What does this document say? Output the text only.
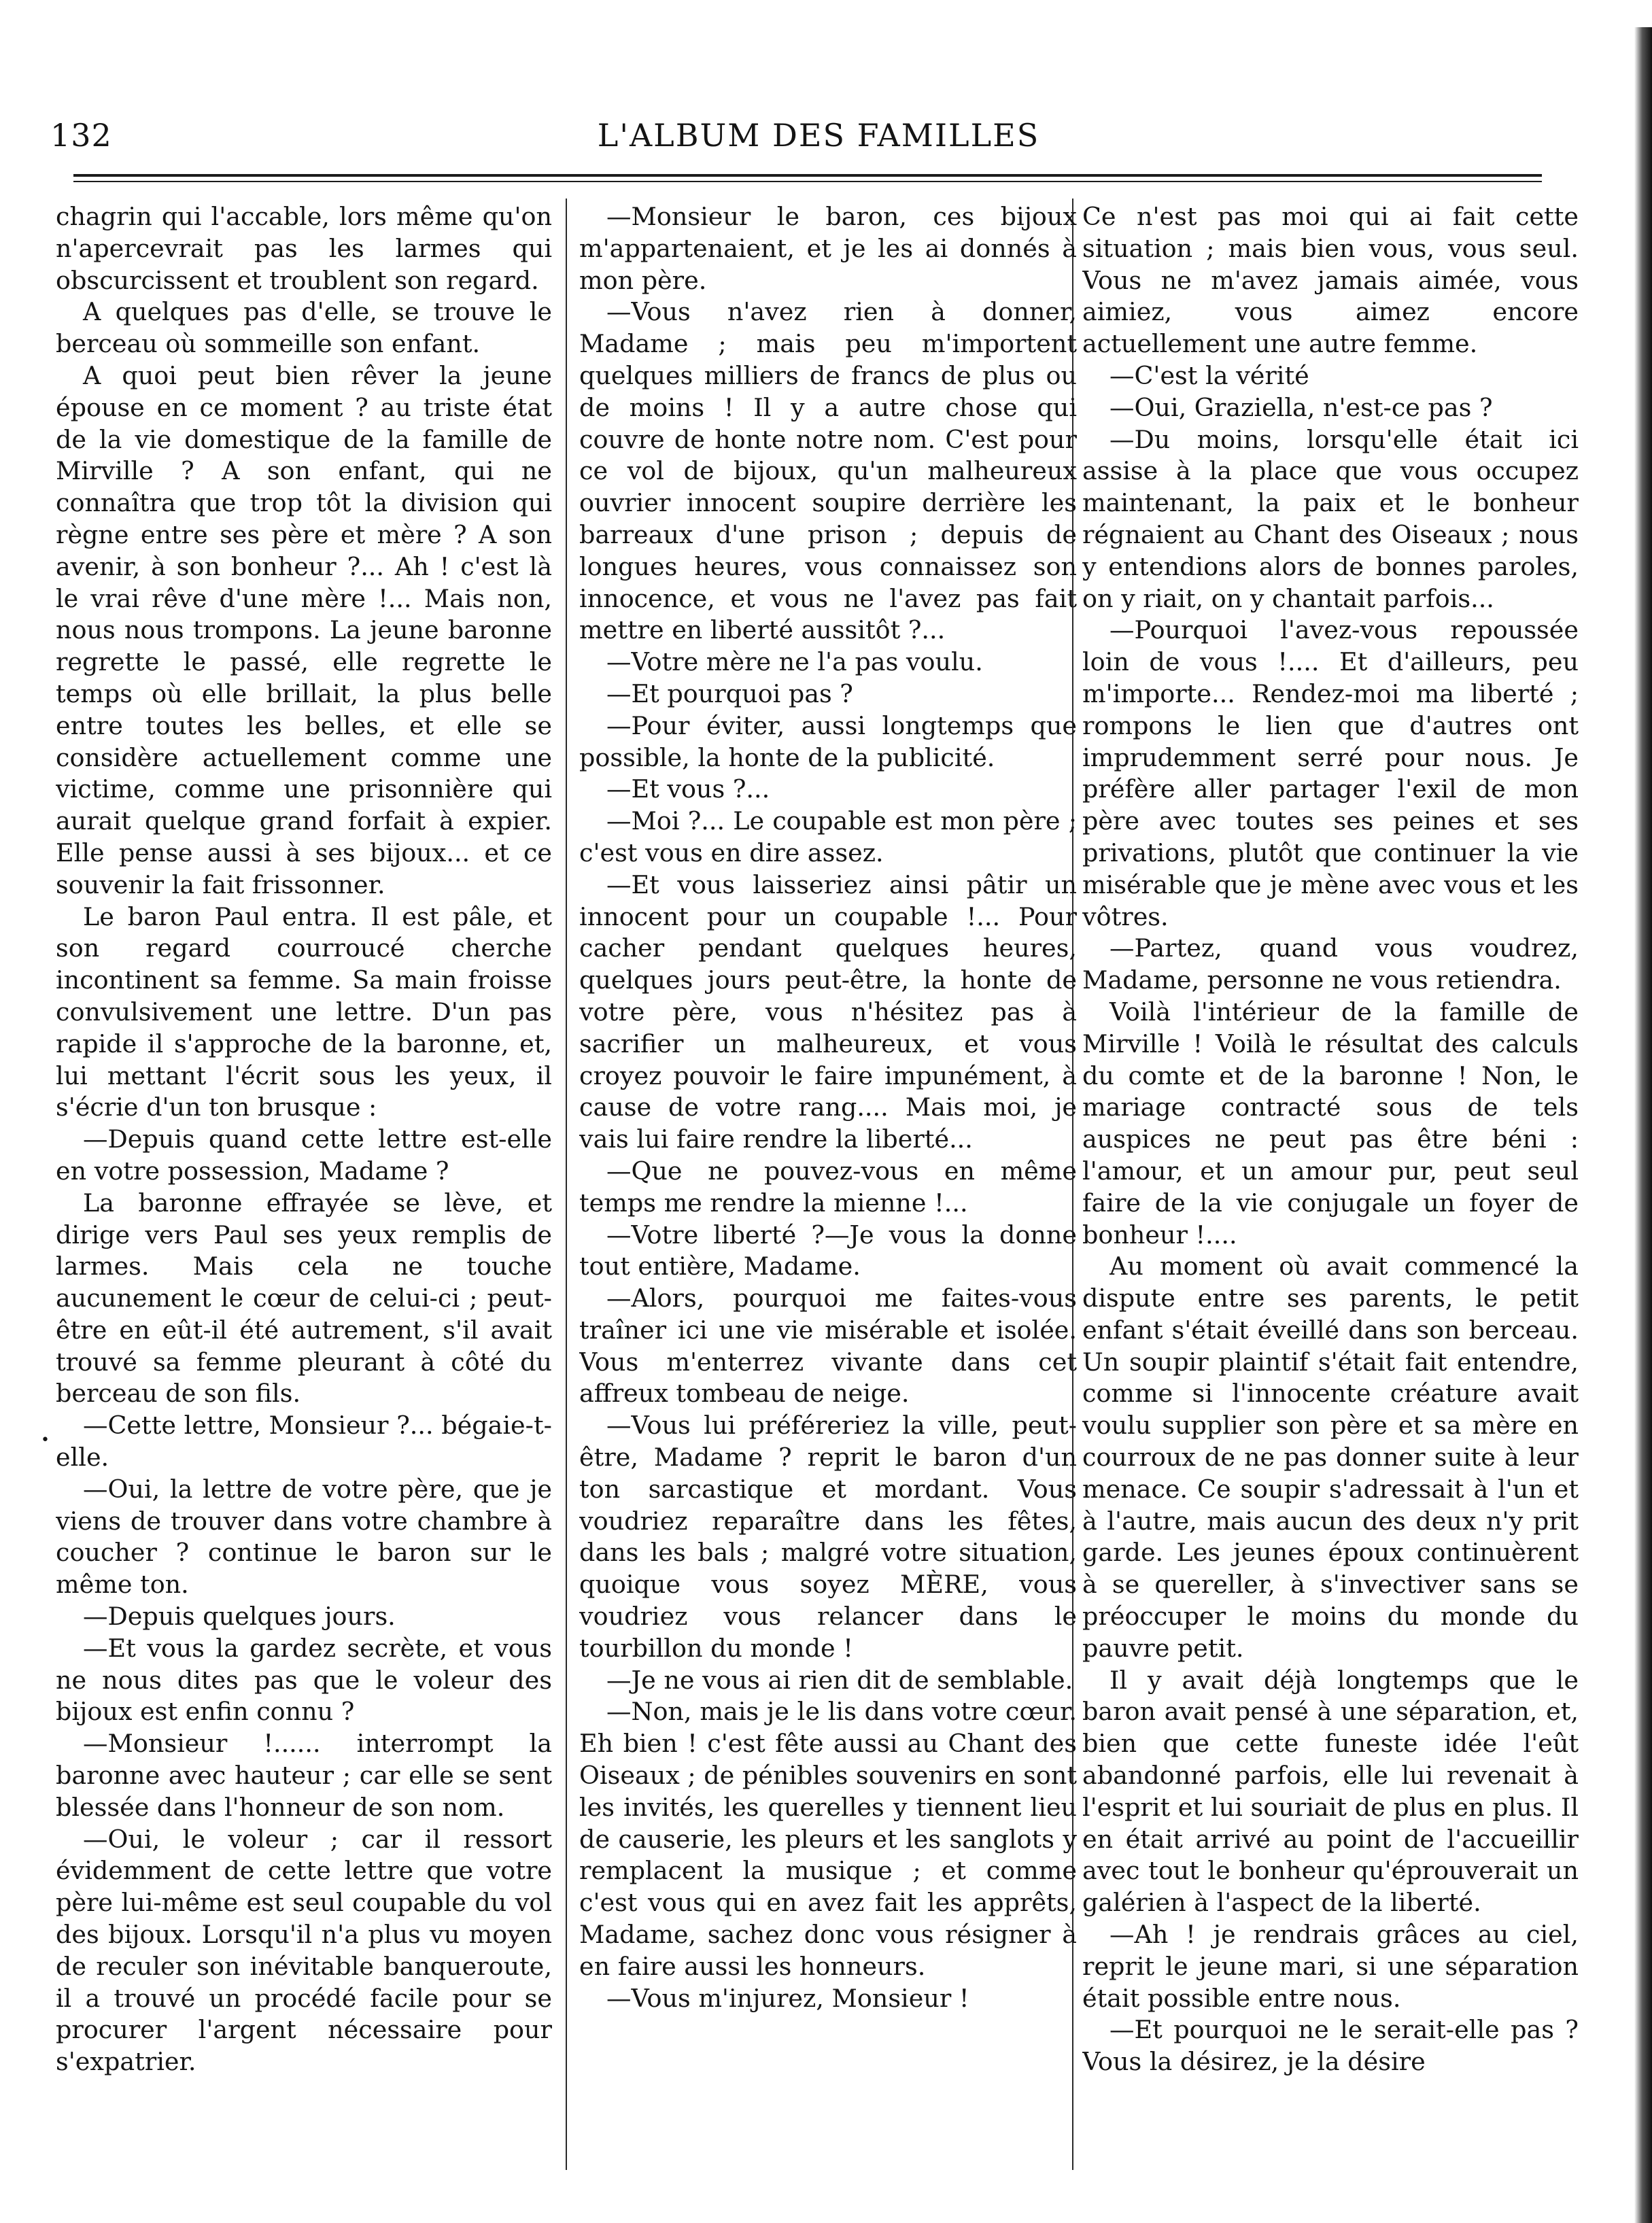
132	L'ALBUM DES FAMILLES
•

chagrin qui l'accable, lors même qu'on n'apercevrait pas les larmes qui obscurcissent et troublent son regard.

A quelques pas d'elle, se trouve le berceau où sommeille son enfant.

A quoi peut bien rêver la jeune épouse en ce moment ? au triste état de la vie domestique de la famille de Mirville ? A son enfant, qui ne connaîtra que trop tôt la division qui règne entre ses père et mère ? A son avenir, à son bonheur ?... Ah ! c'est là le vrai rêve d'une mère !... Mais non, nous nous trompons. La jeune baronne regrette le passé, elle regrette le temps où elle brillait, la plus belle entre toutes les belles, et elle se considère actuellement comme une victime, comme une prisonnière qui aurait quelque grand forfait à expier. Elle pense aussi à ses bijoux... et ce souvenir la fait frissonner.

Le baron Paul entra. Il est pâle, et son regard courroucé cherche incontinent sa femme. Sa main froisse convulsivement une lettre. D'un pas rapide il s'approche de la baronne, et, lui mettant l'écrit sous les yeux, il s'écrie d'un ton brusque :

—Depuis quand cette lettre est-elle en votre possession, Madame ?

La baronne effrayée se lève, et dirige vers Paul ses yeux remplis de larmes. Mais cela ne touche aucunement le cœur de celui-ci ; peut-être en eût-il été autrement, s'il avait trouvé sa femme pleurant à côté du berceau de son fils.

—Cette lettre, Monsieur ?... bégaie-t-elle.

—Oui, la lettre de votre père, que je viens de trouver dans votre chambre à coucher ? continue le baron sur le même ton.

—Depuis quelques jours.

—Et vous la gardez secrète, et vous ne nous dites pas que le voleur des bijoux est enfin connu ?

—Monsieur !...... interrompt la baronne avec hauteur ; car elle se sent blessée dans l'honneur de son nom.

—Oui, le voleur ; car il ressort évidemment de cette lettre que votre père lui-même est seul coupable du vol des bijoux. Lorsqu'il n'a plus vu moyen de reculer son inévitable banqueroute, il a trouvé un procédé facile pour se procurer l'argent nécessaire pour s'expatrier.

—Monsieur le baron, ces bijoux m'appartenaient, et je les ai donnés à mon père.

—Vous n'avez rien à donner, Madame ; mais peu m'importent quelques milliers de francs de plus ou de moins ! Il y a autre chose qui couvre de honte notre nom. C'est pour ce vol de bijoux, qu'un malheureux ouvrier innocent soupire derrière les barreaux d'une prison ; depuis de longues heures, vous connaissez son innocence, et vous ne l'avez pas fait mettre en liberté aussitôt ?...

—Votre mère ne l'a pas voulu.

—Et pourquoi pas ?

—Pour éviter, aussi longtemps que possible, la honte de la publicité.

—Et vous ?...

—Moi ?... Le coupable est mon père ; c'est vous en dire assez.

—Et vous laisseriez ainsi pâtir un innocent pour un coupable !... Pour cacher pendant quelques heures, quelques jours peut-être, la honte de votre père, vous n'hésitez pas à sacrifier un malheureux, et vous croyez pouvoir le faire impunément, à cause de votre rang.... Mais moi, je vais lui faire rendre la liberté...

—Que ne pouvez-vous en même temps me rendre la mienne !...

—Votre liberté ?—Je vous la donne tout entière, Madame.

—Alors, pourquoi me faites-vous traîner ici une vie misérable et isolée. Vous m'enterrez vivante dans cet affreux tombeau de neige.

—Vous lui préféreriez la ville, peut-être, Madame ? reprit le baron d'un ton sarcastique et mordant. Vous voudriez reparaître dans les fêtes, dans les bals ; malgré votre situation, quoique vous soyez MÈRE, vous voudriez vous relancer dans le tourbillon du monde !

—Je ne vous ai rien dit de semblable.

—Non, mais je le lis dans votre cœur. Eh bien ! c'est fête aussi au Chant des Oiseaux ; de pénibles souvenirs en sont les invités, les querelles y tiennent lieu de causerie, les pleurs et les sanglots y remplacent la musique ; et comme c'est vous qui en avez fait les apprêts, Madame, sachez donc vous résigner à en faire aussi les honneurs.

—Vous m'injurez, Monsieur !

Ce n'est pas moi qui ai fait cette situation ; mais bien vous, vous seul. Vous ne m'avez jamais aimée, vous aimiez, vous aimez encore actuellement une autre femme.

—C'est la vérité

—Oui, Graziella, n'est-ce pas ?

—Du moins, lorsqu'elle était ici assise à la place que vous occupez maintenant, la paix et le bonheur régnaient au Chant des Oiseaux ; nous y entendions alors de bonnes paroles, on y riait, on y chantait parfois...

—Pourquoi l'avez-vous repoussée loin de vous !.... Et d'ailleurs, peu m'importe... Rendez-moi ma liberté ; rompons le lien que d'autres ont imprudemment serré pour nous. Je préfère aller partager l'exil de mon père avec toutes ses peines et ses privations, plutôt que continuer la vie misérable que je mène avec vous et les vôtres.

—Partez, quand vous voudrez, Madame, personne ne vous retiendra.

Voilà l'intérieur de la famille de Mirville ! Voilà le résultat des calculs du comte et de la baronne ! Non, le mariage contracté sous de tels auspices ne peut pas être béni : l'amour, et un amour pur, peut seul faire de la vie conjugale un foyer de bonheur !....

Au moment où avait commencé la dispute entre ses parents, le petit enfant s'était éveillé dans son berceau. Un soupir plaintif s'était fait entendre, comme si l'innocente créature avait voulu supplier son père et sa mère en courroux de ne pas donner suite à leur menace. Ce soupir s'adressait à l'un et à l'autre, mais aucun des deux n'y prit garde. Les jeunes époux continuèrent à se quereller, à s'invectiver sans se préoccuper le moins du monde du pauvre petit.

Il y avait déjà longtemps que le baron avait pensé à une séparation, et, bien que cette funeste idée l'eût abandonné parfois, elle lui revenait à l'esprit et lui souriait de plus en plus. Il en était arrivé au point de l'accueillir avec tout le bonheur qu'éprouverait un galérien à l'aspect de la liberté.

—Ah ! je rendrais grâces au ciel, reprit le jeune mari, si une séparation était possible entre nous.

—Et pourquoi ne le serait-elle pas ? Vous la désirez, je la désire
